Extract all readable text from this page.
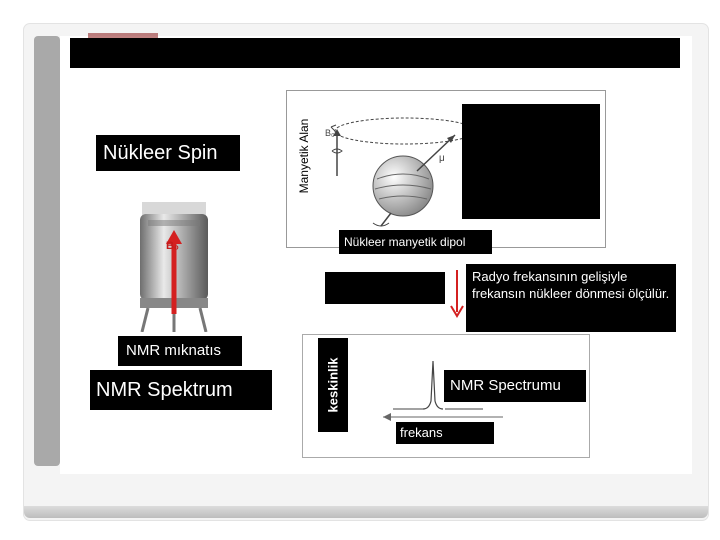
Nükleer Spin
B₀
μ
Manyetik Alan
Nükleer manyetik dipol
B₀
NMR mıknatıs
NMR Spektrum
Radyo frekansının gelişiyle frekansın nükleer dönmesi ölçülür.
keskinlik	NMR Spectrumu
frekans
